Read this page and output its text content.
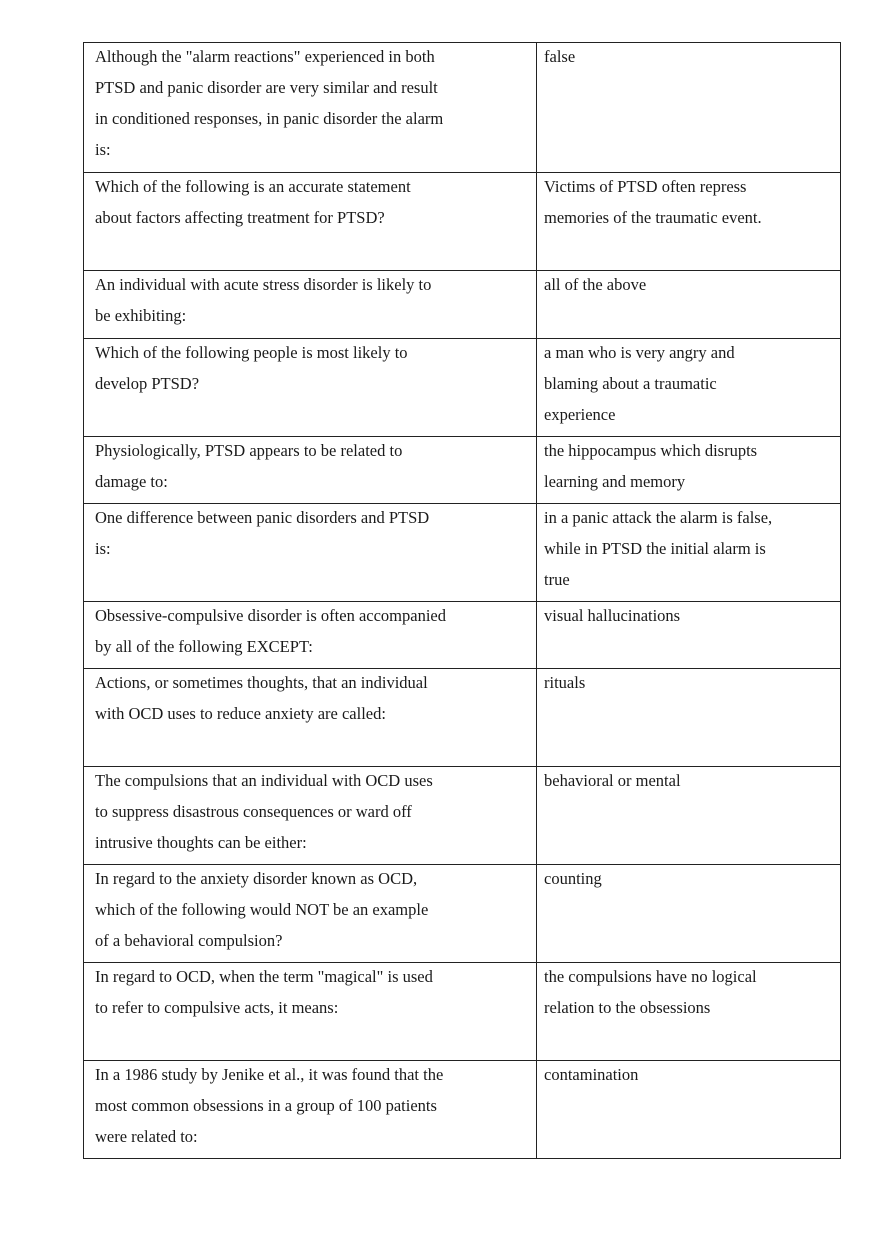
Although the "alarm reactions" experienced in both PTSD and panic disorder are very similar and result in conditioned responses, in panic disorder the alarm is:	false

Which of the following is an accurate statement about factors affecting treatment for PTSD?	Victims of PTSD often repress memories of the traumatic event.

An individual with acute stress disorder is likely to be exhibiting:	all of the above

Which of the following people is most likely to develop PTSD?	a man who is very angry and blaming about a traumatic experience

Physiologically, PTSD appears to be related to damage to:	the hippocampus which disrupts learning and memory

One difference between panic disorders and PTSD is:	in a panic attack the alarm is false, while in PTSD the initial alarm is true

Obsessive-compulsive disorder is often accompanied by all of the following EXCEPT:	visual hallucinations

Actions, or sometimes thoughts, that an individual with OCD uses to reduce anxiety are called:	rituals

The compulsions that an individual with OCD uses to suppress disastrous consequences or ward off intrusive thoughts can be either:	behavioral or mental

In regard to the anxiety disorder known as OCD, which of the following would NOT be an example of a behavioral compulsion?	counting

In regard to OCD, when the term "magical" is used to refer to compulsive acts, it means:	the compulsions have no logical relation to the obsessions

In a 1986 study by Jenike et al., it was found that the most common obsessions in a group of 100 patients were related to:	contamination
